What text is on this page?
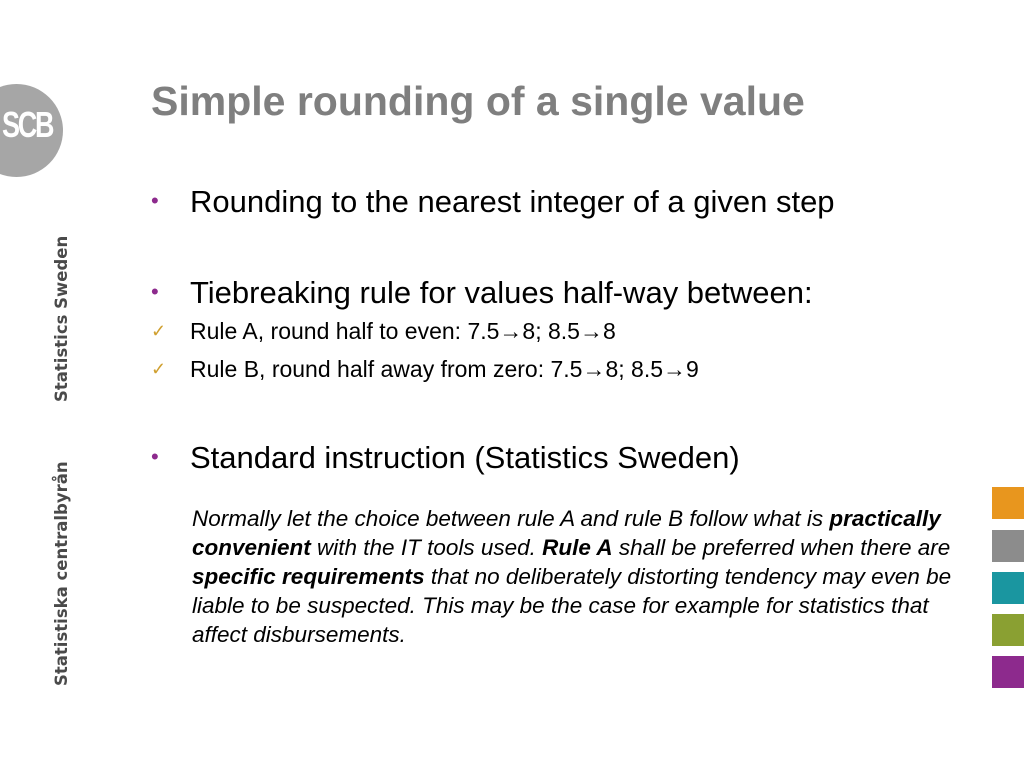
SCB
Statistics Sweden
Statistiska centralbyrån
Simple rounding of a single value
• Rounding to the nearest integer of a given step
• Tiebreaking rule for values half-way between:
✓ Rule A, round half to even: 7.5→8; 8.5→8
✓ Rule B, round half away from zero: 7.5→8; 8.5→9
• Standard instruction (Statistics Sweden)

Normally let the choice between rule A and rule B follow what is practically convenient with the IT tools used. Rule A shall be preferred when there are specific requirements that no deliberately distorting tendency may even be liable to be suspected. This may be the case for example for statistics that affect disbursements.
